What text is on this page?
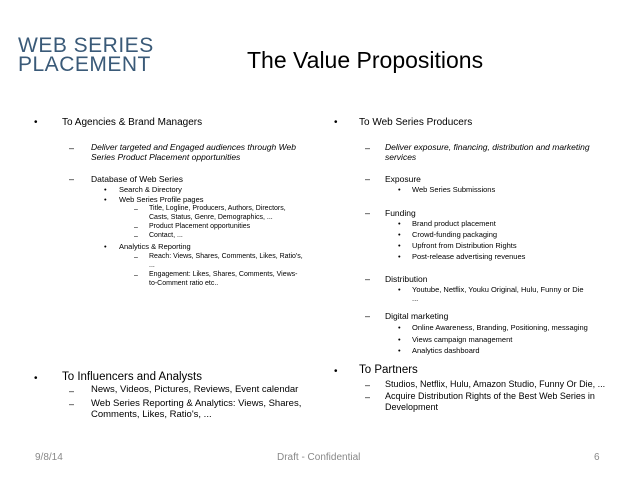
WEB SERIES
PLACEMENT	The Value Propositions
• To Agencies & Brand Managers
– Deliver targeted and Engaged audiences through Web
Series Product Placement opportunities
– Database of Web Series
• Search & Directory
• Web Series Profile pages
– Title, Logline, Producers, Authors, Directors,
Casts, Status, Genre, Demographics, ...
– Product Placement opportunities
– Contact, ...
• Analytics & Reporting
– Reach: Views, Shares, Comments, Likes, Ratio's,
...
– Engagement: Likes, Shares, Comments, Views-
to-Comment ratio etc..
• To Influencers and Analysts
– News, Videos, Pictures, Reviews, Event calendar
– Web Series Reporting & Analytics: Views, Shares,
Comments, Likes, Ratio's, ...
• To Web Series Producers
– Deliver exposure, financing, distribution and marketing
services
– Exposure
• Web Series Submissions
– Funding
• Brand product placement
• Crowd-funding packaging
• Upfront from Distribution Rights
• Post-release advertising revenues
– Distribution
• Youtube, Netflix, Youku Original, Hulu, Funny or Die
...
– Digital marketing
• Online Awareness, Branding, Positioning, messaging
• Views campaign management
• Analytics dashboard
• To Partners
– Studios, Netflix, Hulu, Amazon Studio, Funny Or Die, ...
– Acquire Distribution Rights of the Best Web Series in
Development
9/8/14	Draft - Confidential	6
